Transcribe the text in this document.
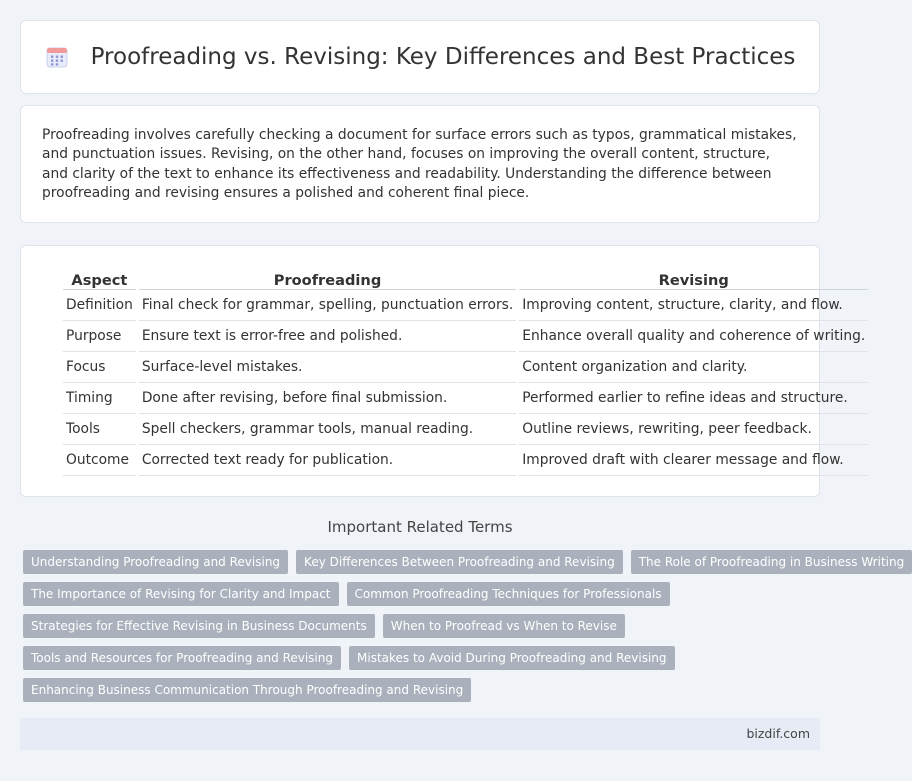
Proofreading vs. Revising: Key Differences and Best Practices

Proofreading involves carefully checking a document for surface errors such as typos, grammatical mistakes, and punctuation issues. Revising, on the other hand, focuses on improving the overall content, structure, and clarity of the text to enhance its effectiveness and readability. Understanding the difference between proofreading and revising ensures a polished and coherent final piece.

Aspect	Proofreading	Revising
Definition	Final check for grammar, spelling, punctuation errors.	Improving content, structure, clarity, and flow.
Purpose	Ensure text is error-free and polished.	Enhance overall quality and coherence of writing.
Focus	Surface-level mistakes.	Content organization and clarity.
Timing	Done after revising, before final submission.	Performed earlier to refine ideas and structure.
Tools	Spell checkers, grammar tools, manual reading.	Outline reviews, rewriting, peer feedback.
Outcome	Corrected text ready for publication.	Improved draft with clearer message and flow.
Important Related Terms
Understanding Proofreading and Revising	Key Differences Between Proofreading and Revising	The Role of Proofreading in Business Writing
The Importance of Revising for Clarity and Impact	Common Proofreading Techniques for Professionals
Strategies for Effective Revising in Business Documents	When to Proofread vs When to Revise
Tools and Resources for Proofreading and Revising	Mistakes to Avoid During Proofreading and Revising
Enhancing Business Communication Through Proofreading and Revising
bizdif.com
